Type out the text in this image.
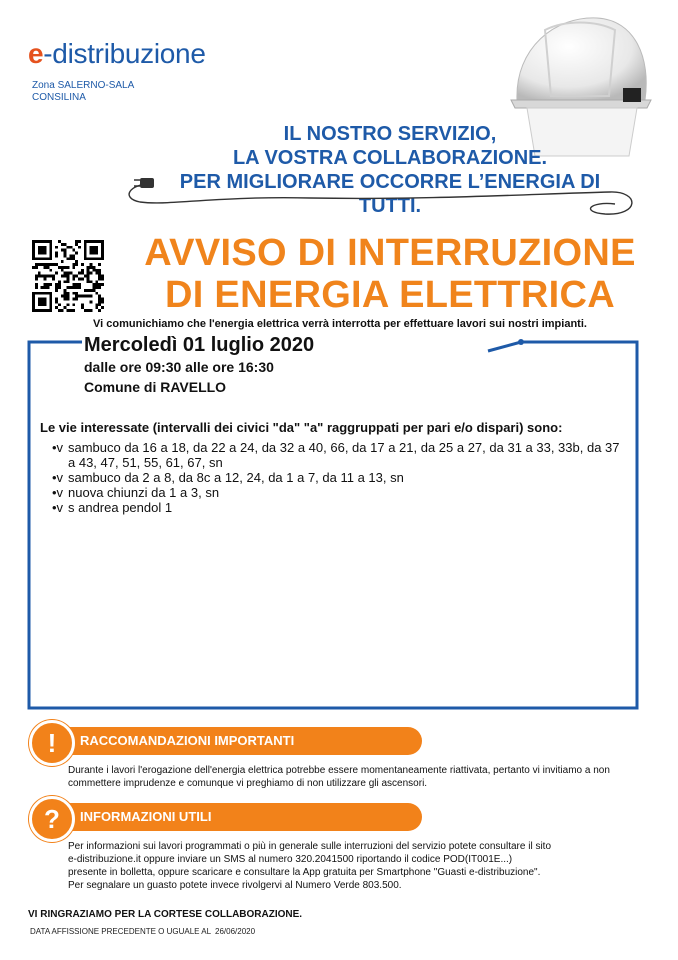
e-distribuzione
Zona SALERNO-SALA CONSILINA
IL NOSTRO SERVIZIO,
LA VOSTRA COLLABORAZIONE.
PER MIGLIORARE OCCORRE L’ENERGIA DI TUTTI.
AVVISO DI INTERRUZIONE
DI ENERGIA ELETTRICA
Vi comunichiamo che l'energia elettrica verrà interrotta per effettuare lavori sui nostri impianti.
Mercoledì 01 luglio 2020
dalle ore 09:30 alle ore 16:30
Comune di RAVELLO
Le vie interessate (intervalli dei civici "da" "a" raggruppati per pari e/o dispari) sono:
•v sambuco da 16 a 18, da 22 a 24, da 32 a 40, 66, da 17 a 21, da 25 a 27, da 31 a 33, 33b, da 37 a 43, 47, 51, 55, 61, 67, sn
•v sambuco da 2 a 8, da 8c a 12, 24, da 1 a 7, da 11 a 13, sn
•v nuova chiunzi da 1 a 3, sn
•v s andrea pendol 1
RACCOMANDAZIONI IMPORTANTI
!
Durante i lavori l'erogazione dell'energia elettrica potrebbe essere momentaneamente riattivata, pertanto vi invitiamo a non commettere imprudenze e comunque vi preghiamo di non utilizzare gli ascensori.
INFORMAZIONI UTILI
?
Per informazioni sui lavori programmati o più in generale sulle interruzioni del servizio potete consultare il sito
e-distribuzione.it oppure inviare un SMS al numero 320.2041500 riportando il codice POD(IT001E...)
presente in bolletta, oppure scaricare e consultare la App gratuita per Smartphone "Guasti e-distribuzione".
Per segnalare un guasto potete invece rivolgervi al Numero Verde 803.500.
VI RINGRAZIAMO PER LA CORTESE COLLABORAZIONE.
DATA AFFISSIONE PRECEDENTE O UGUALE AL 26/06/2020
